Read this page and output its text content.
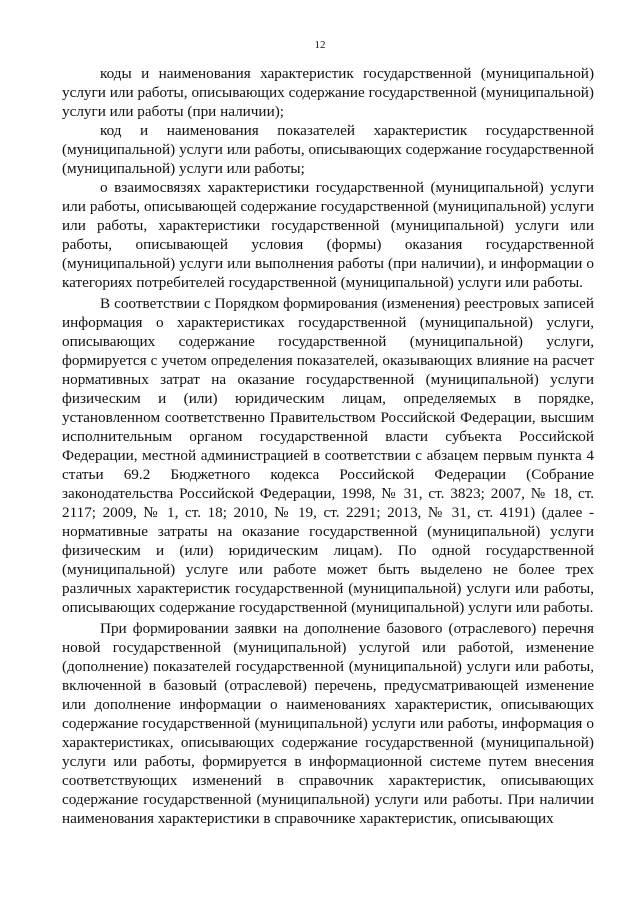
12

коды и наименования характеристик государственной (муниципальной) услуги или работы, описывающих содержание государственной (муниципальной) услуги или работы (при наличии);

код и наименования показателей характеристик государственной (муниципальной) услуги или работы, описывающих содержание государственной (муниципальной) услуги или работы;

о взаимосвязях характеристики государственной (муниципальной) услуги или работы, описывающей содержание государственной (муниципальной) услуги или работы, характеристики государственной (муниципальной) услуги или работы, описывающей условия (формы) оказания государственной (муниципальной) услуги или выполнения работы (при наличии), и информации о категориях потребителей государственной (муниципальной) услуги или работы.

В соответствии с Порядком формирования (изменения) реестровых записей информация о характеристиках государственной (муниципальной) услуги, описывающих содержание государственной (муниципальной) услуги, формируется с учетом определения показателей, оказывающих влияние на расчет нормативных затрат на оказание государственной (муниципальной) услуги физическим и (или) юридическим лицам, определяемых в порядке, установленном соответственно Правительством Российской Федерации, высшим исполнительным органом государственной власти субъекта Российской Федерации, местной администрацией в соответствии с абзацем первым пункта 4 статьи 69.2 Бюджетного кодекса Российской Федерации (Собрание законодательства Российской Федерации, 1998, № 31, ст. 3823; 2007, № 18, ст. 2117; 2009, № 1, ст. 18; 2010, № 19, ст. 2291; 2013, № 31, ст. 4191) (далее - нормативные затраты на оказание государственной (муниципальной) услуги физическим и (или) юридическим лицам). По одной государственной (муниципальной) услуге или работе может быть выделено не более трех различных характеристик государственной (муниципальной) услуги или работы, описывающих содержание государственной (муниципальной) услуги или работы.

При формировании заявки на дополнение базового (отраслевого) перечня новой государственной (муниципальной) услугой или работой, изменение (дополнение) показателей государственной (муниципальной) услуги или работы, включенной в базовый (отраслевой) перечень, предусматривающей изменение или дополнение информации о наименованиях характеристик, описывающих содержание государственной (муниципальной) услуги или работы, информация о характеристиках, описывающих содержание государственной (муниципальной) услуги или работы, формируется в информационной системе путем внесения соответствующих изменений в справочник характеристик, описывающих содержание государственной (муниципальной) услуги или работы. При наличии наименования характеристики в справочнике характеристик, описывающих
